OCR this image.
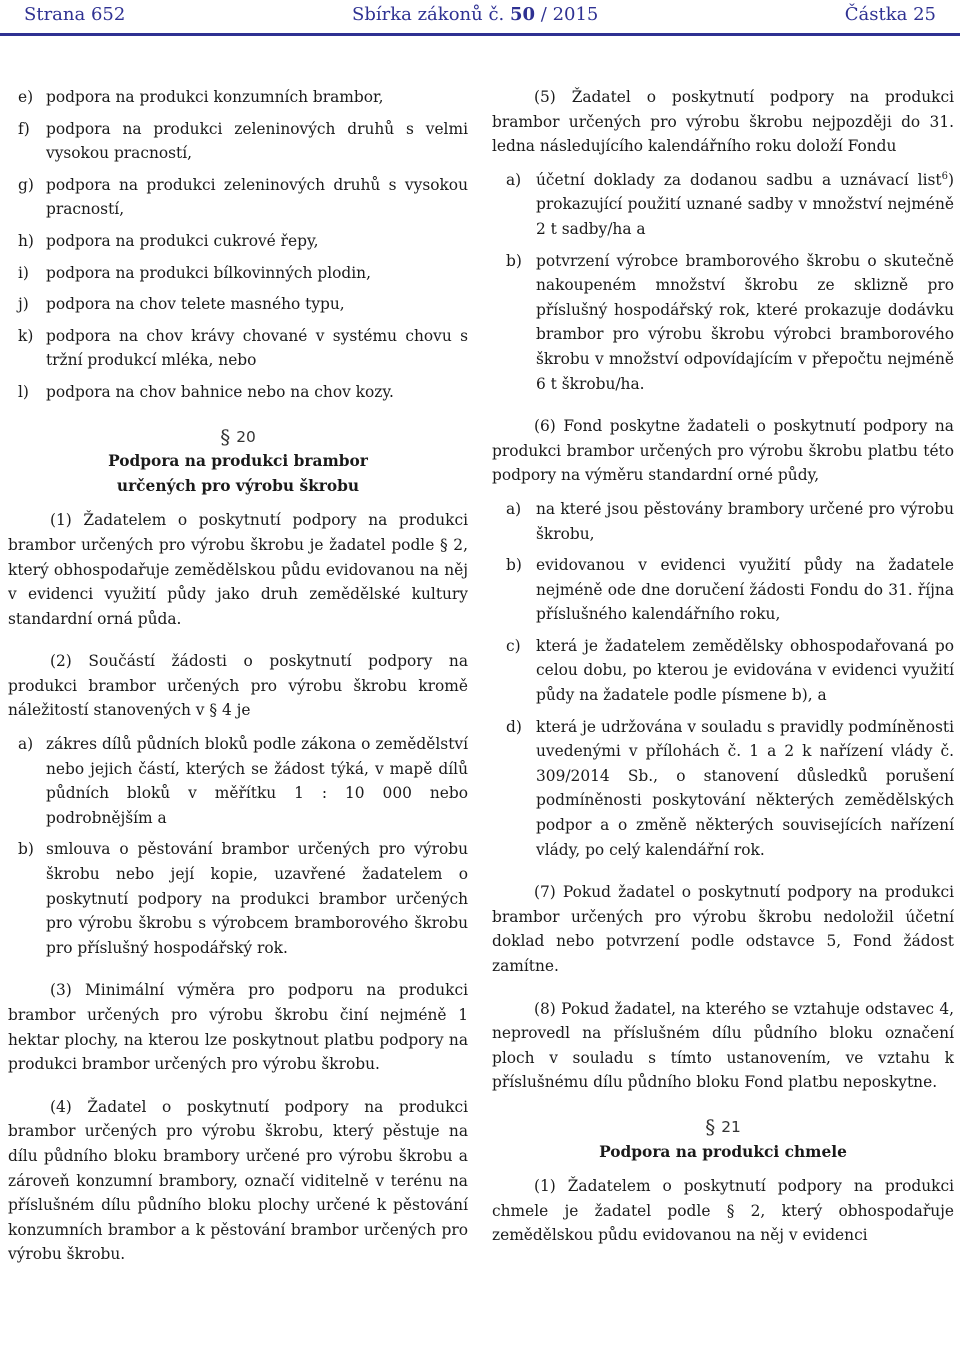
Strana 652	Sbírka zákonů č. 50 / 2015	Částka 25
e) podpora na produkci konzumních brambor,
f) podpora na produkci zeleninových druhů s velmi vysokou pracností,
g) podpora na produkci zeleninových druhů s vysokou pracností,
h) podpora na produkci cukrové řepy,
i) podpora na produkci bílkovinných plodin,
j) podpora na chov telete masného typu,
k) podpora na chov krávy chované v systému chovu s tržní produkcí mléka, nebo
l) podpora na chov bahnice nebo na chov kozy.
§ 20
Podpora na produkci brambor
určených pro výrobu škrobu

(1) Žadatelem o poskytnutí podpory na produkci brambor určených pro výrobu škrobu je žadatel podle § 2, který obhospodařuje zemědělskou půdu evidovanou na něj v evidenci využití půdy jako druh zemědělské kultury standardní orná půda.

(2) Součástí žádosti o poskytnutí podpory na produkci brambor určených pro výrobu škrobu kromě náležitostí stanovených v § 4 je

a) zákres dílů půdních bloků podle zákona o zemědělství nebo jejich částí, kterých se žádost týká, v mapě dílů půdních bloků v měřítku 1 : 10 000 nebo podrobnějším a
b) smlouva o pěstování brambor určených pro výrobu škrobu nebo její kopie, uzavřené žadatelem o poskytnutí podpory na produkci brambor určených pro výrobu škrobu s výrobcem bramborového škrobu pro příslušný hospodářský rok.

(3) Minimální výměra pro podporu na produkci brambor určených pro výrobu škrobu činí nejméně 1 hektar plochy, na kterou lze poskytnout platbu podpory na produkci brambor určených pro výrobu škrobu.

(4) Žadatel o poskytnutí podpory na produkci brambor určených pro výrobu škrobu, který pěstuje na dílu půdního bloku brambory určené pro výrobu škrobu a zároveň konzumní brambory, označí viditelně v terénu na příslušném dílu půdního bloku plochy určené k pěstování konzumních brambor a k pěstování brambor určených pro výrobu škrobu.

(5) Žadatel o poskytnutí podpory na produkci brambor určených pro výrobu škrobu nejpozději do 31. ledna následujícího kalendářního roku doloží Fondu

a) účetní doklady za dodanou sadbu a uznávací list$^6$) prokazující použití uznané sadby v množství nejméně 2 t sadby/ha a
b) potvrzení výrobce bramborového škrobu o skutečně nakoupeném množství škrobu ze sklizně pro příslušný hospodářský rok, které prokazuje dodávku brambor pro výrobu škrobu výrobci bramborového škrobu v množství odpovídajícím v přepočtu nejméně 6 t škrobu/ha.

(6) Fond poskytne žadateli o poskytnutí podpory na produkci brambor určených pro výrobu škrobu platbu této podpory na výměru standardní orné půdy,

a) na které jsou pěstovány brambory určené pro výrobu škrobu,
b) evidovanou v evidenci využití půdy na žadatele nejméně ode dne doručení žádosti Fondu do 31. října příslušného kalendářního roku,
c) která je žadatelem zemědělsky obhospodařovaná po celou dobu, po kterou je evidována v evidenci využití půdy na žadatele podle písmene b), a
d) která je udržována v souladu s pravidly podmíněnosti uvedenými v přílohách č. 1 a 2 k nařízení vlády č. 309/2014 Sb., o stanovení důsledků porušení podmíněnosti poskytování některých zemědělských podpor a o změně některých souvisejících nařízení vlády, po celý kalendářní rok.

(7) Pokud žadatel o poskytnutí podpory na produkci brambor určených pro výrobu škrobu nedoložil účetní doklad nebo potvrzení podle odstavce 5, Fond žádost zamítne.

(8) Pokud žadatel, na kterého se vztahuje odstavec 4, neprovedl na příslušném dílu půdního bloku označení ploch v souladu s tímto ustanovením, ve vztahu k příslušnému dílu půdního bloku Fond platbu neposkytne.

§ 21
Podpora na produkci chmele

(1) Žadatelem o poskytnutí podpory na produkci chmele je žadatel podle § 2, který obhospodařuje zemědělskou půdu evidovanou na něj v evidenci
